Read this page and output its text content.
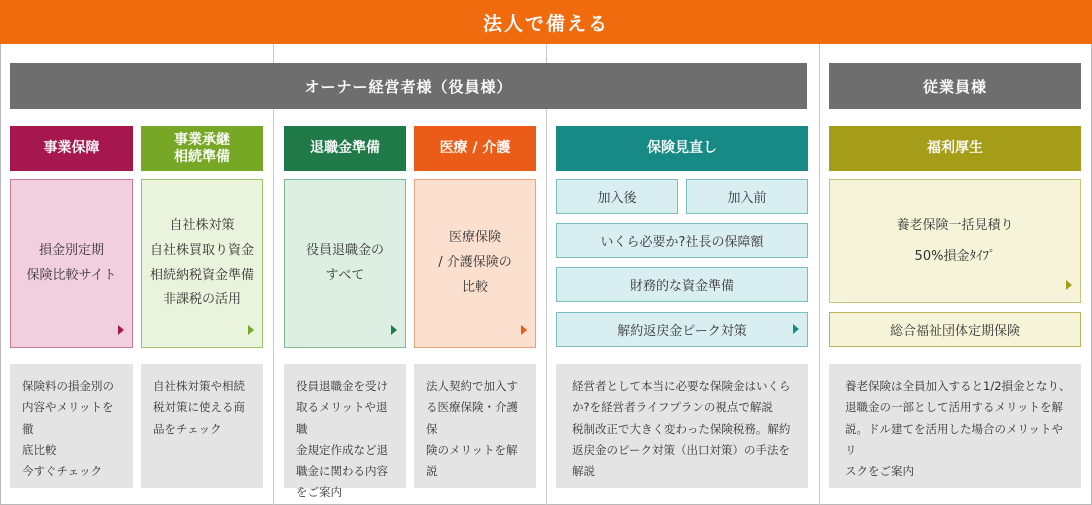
法人で備える
オーナー経営者様（役員様）	従業員様
事業保障
損金別定期
保険比較サイト
保険料の損金別の
内容やメリットを徹
底比較
今すぐチェック
事業承継
相続準備
自社株対策
自社株買取り資金
相続納税資金準備
非課税の活用
自社株対策や相続
税対策に使える商
品をチェック
退職金準備
役員退職金の
すべて
役員退職金を受け
取るメリットや退職
金規定作成など退
職金に関わる内容
をご案内
医療 / 介護
医療保険
/ 介護保険の
比較
法人契約で加入す
る医療保険・介護保
険のメリットを解説
保険見直し
加入後	加入前
いくら必要か?社長の保障額
財務的な資金準備
解約返戻金ピーク対策
経営者として本当に必要な保険金はいくら
か?を経営者ライフプランの視点で解説
税制改正で大きく変わった保険税務。解約
返戻金のピーク対策（出口対策）の手法を
解説
福利厚生
養老保険一括見積り
50%損金ﾀｲﾌﾟ
総合福祉団体定期保険
養老保険は全員加入すると1/2損金となり、
退職金の一部として活用するメリットを解
説。ドル建てを活用した場合のメリットやリ
スクをご案内
